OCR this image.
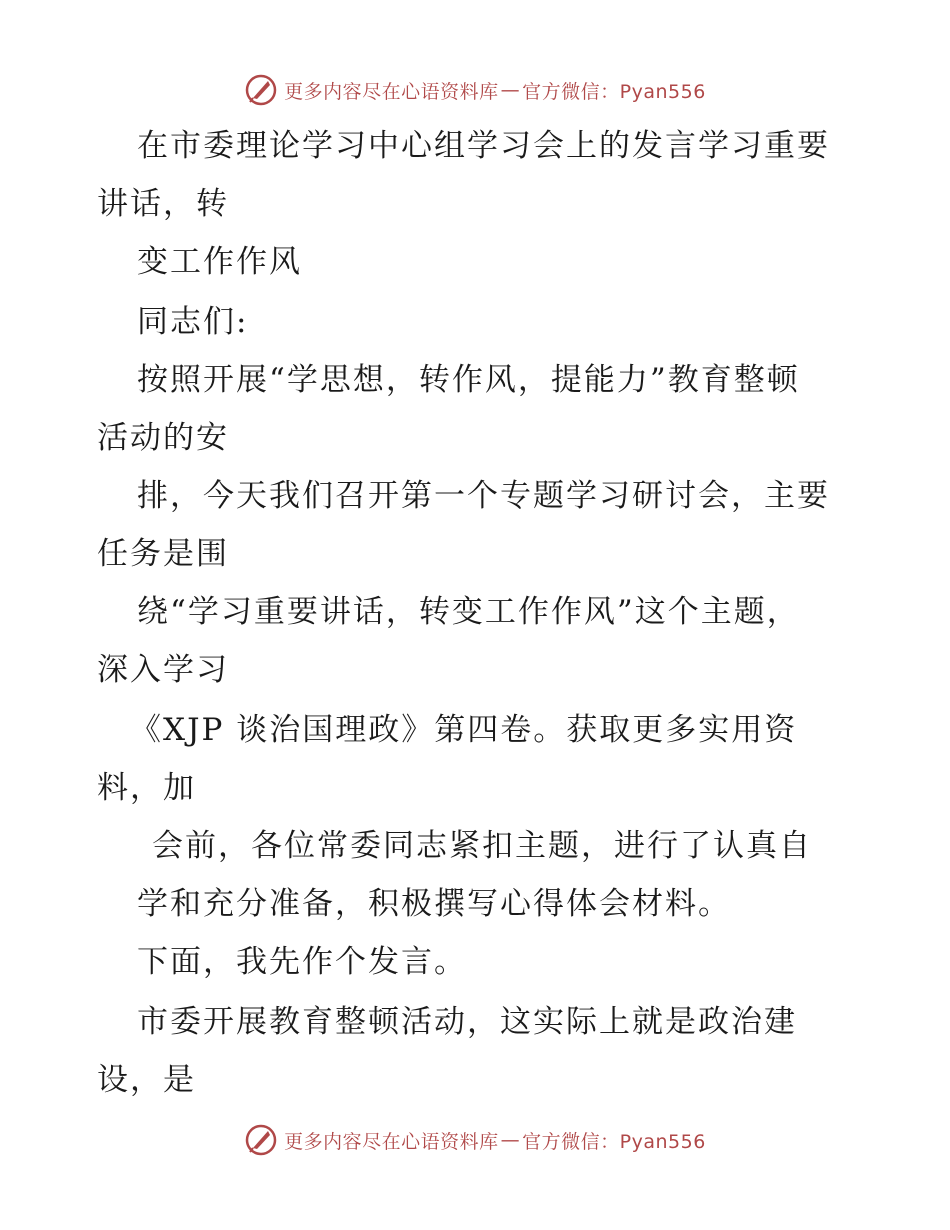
更多内容尽在心语资料库 — 官方微信：Pyan556
在市委理论学习中心组学习会上的发言学习重要
讲话，转
变工作作风
同志们:
按照开展“学思想，转作风，提能力”教育整顿
活动的安
排，今天我们召开第一个专题学习研讨会，主要
任务是围
绕“学习重要讲话，转变工作作风”这个主题，
深入学习
《XJP 谈治国理政》第四卷。获取更多实用资
料，加
会前，各位常委同志紧扣主题，进行了认真自
学和充分准备，积极撰写心得体会材料。
下面，我先作个发言。
市委开展教育整顿活动，这实际上就是政治建
设，是
更多内容尽在心语资料库 — 官方微信：Pyan556
